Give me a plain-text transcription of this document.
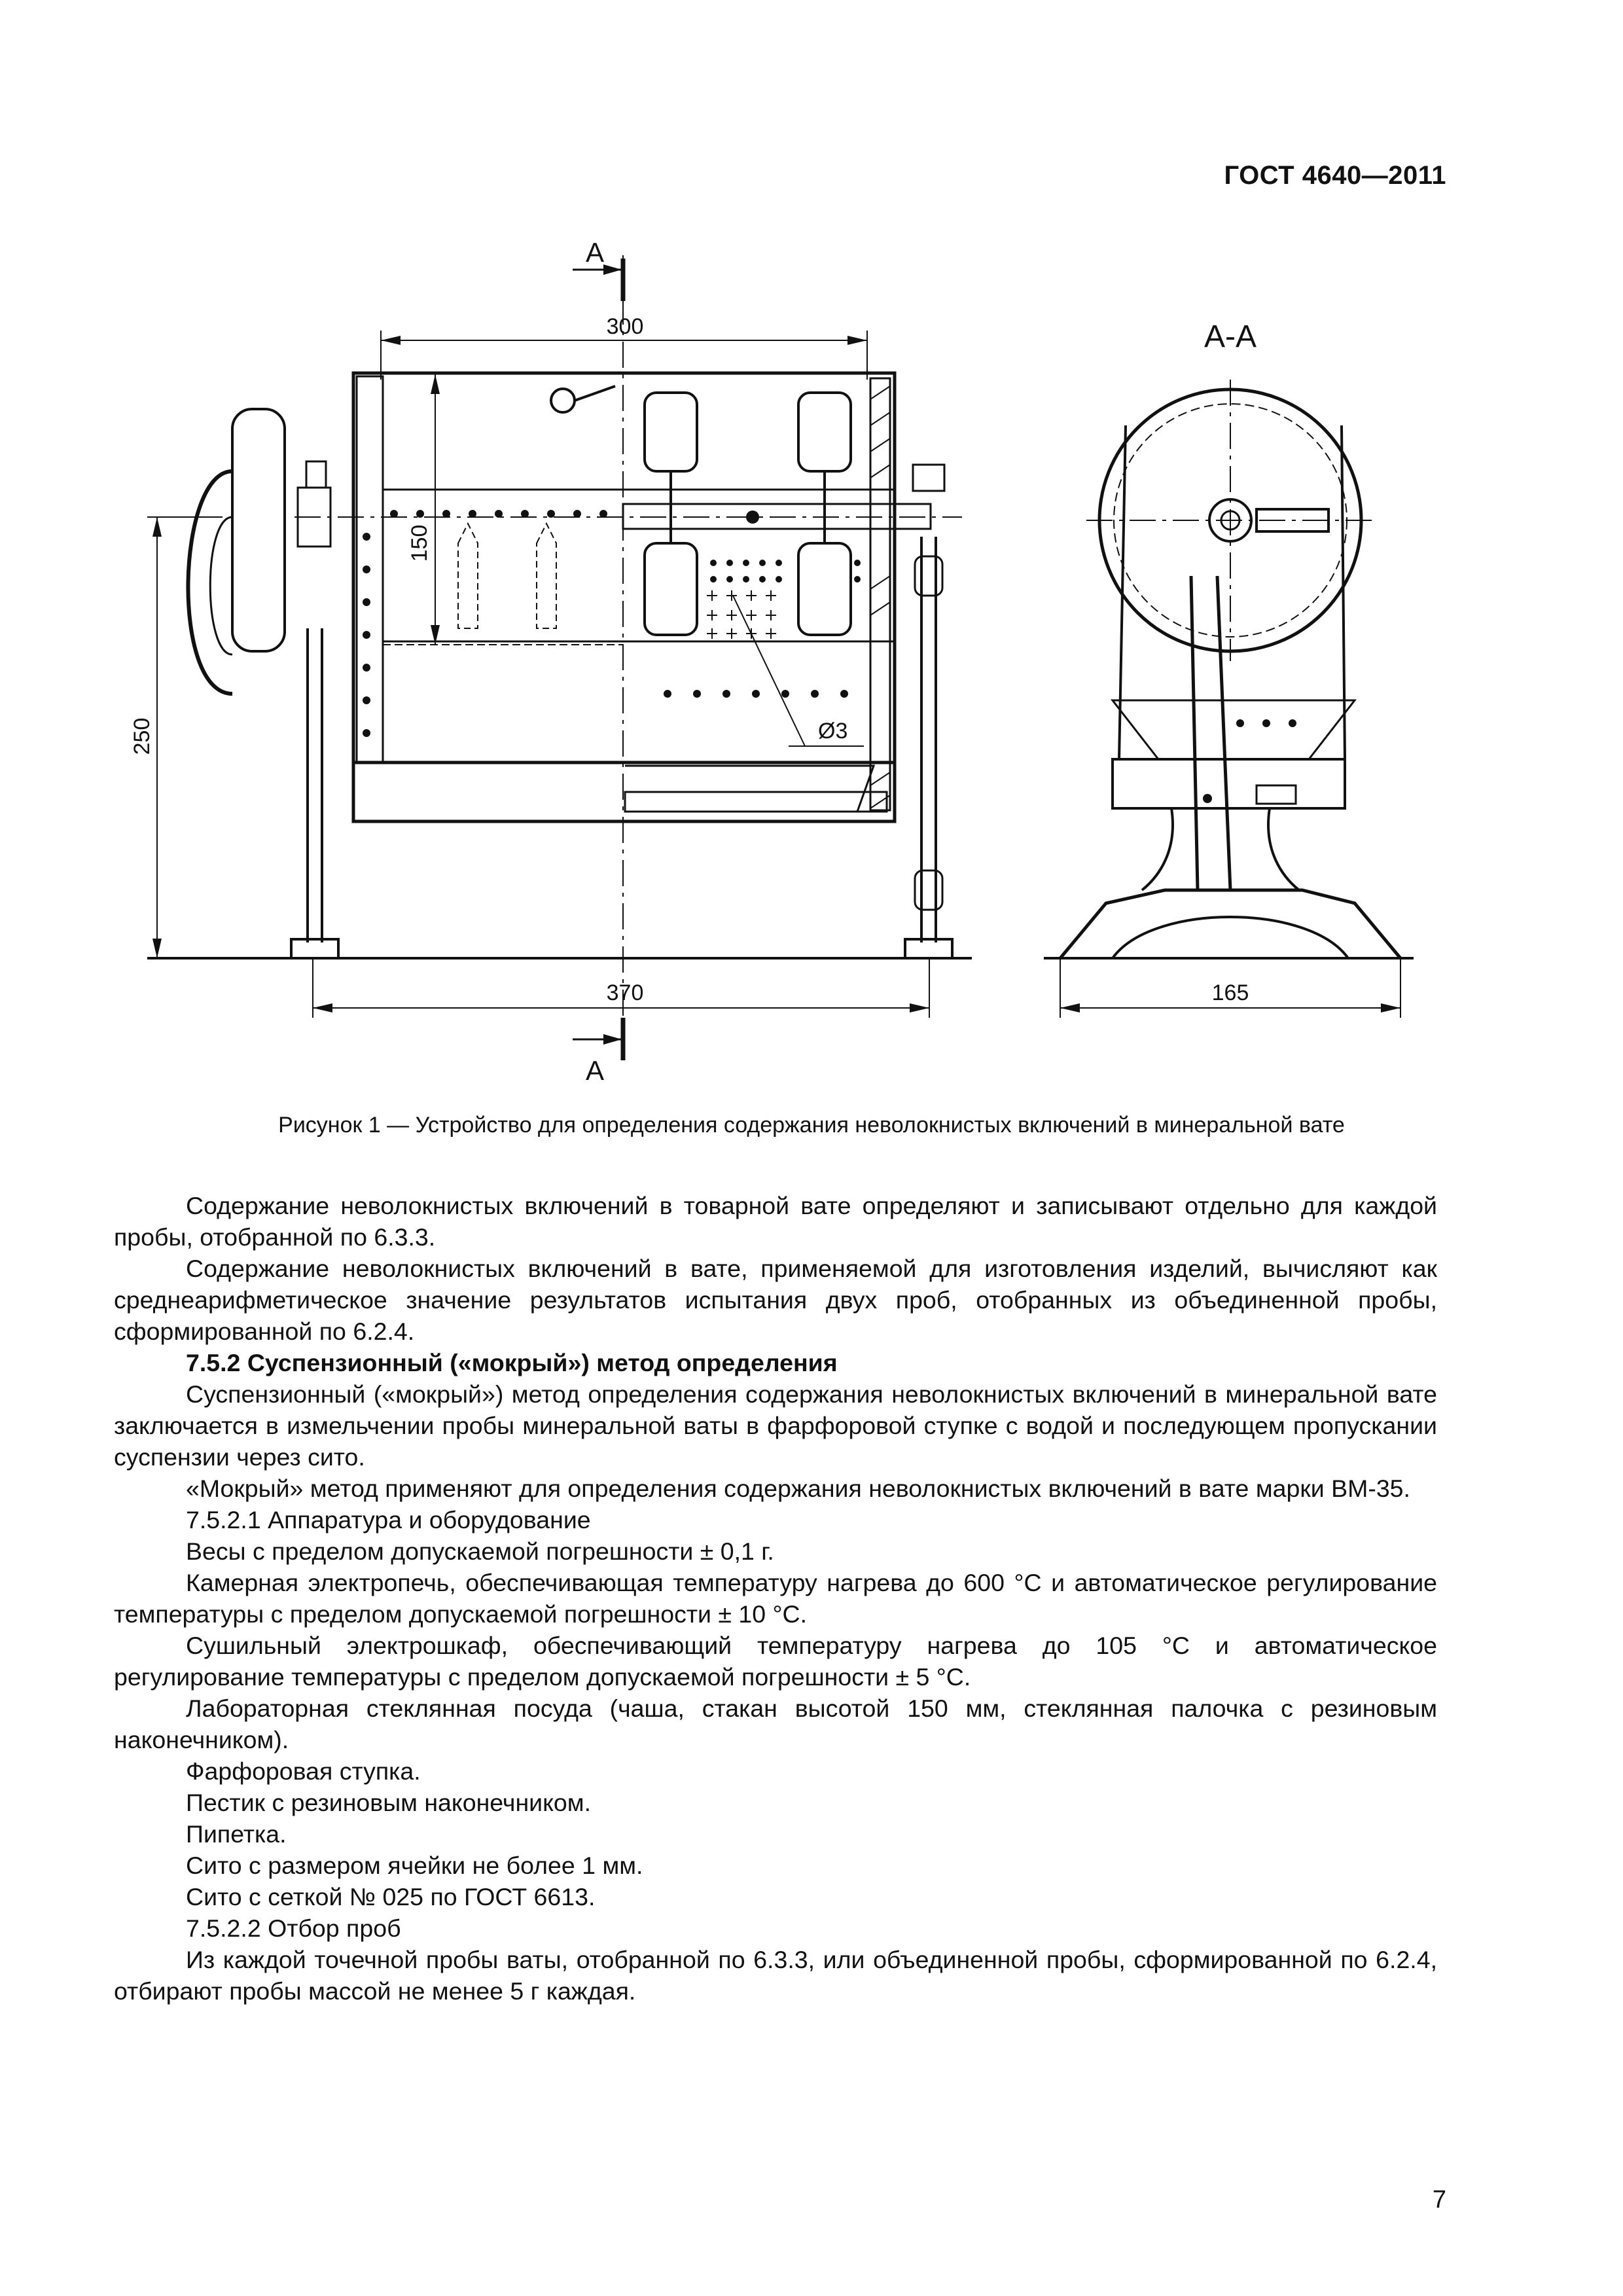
ГОСТ 4640—2011
А
А
А-А
300
150
250
370	165
Ø3
Рисунок 1 — Устройство для определения содержания неволокнистых включений в минеральной вате

Содержание неволокнистых включений в товарной вате определяют и записывают отдельно для каждой пробы, отобранной по 6.3.3.

Содержание неволокнистых включений в вате, применяемой для изготовления изделий, вычисляют как среднеарифметическое значение результатов испытания двух проб, отобранных из объединенной пробы, сформированной по 6.2.4.

7.5.2 Суспензионный («мокрый») метод определения

Суспензионный («мокрый») метод определения содержания неволокнистых включений в минеральной вате заключается в измельчении пробы минеральной ваты в фарфоровой ступке с водой и последующем пропускании суспензии через сито.

«Мокрый» метод применяют для определения содержания неволокнистых включений в вате марки ВМ-35.

7.5.2.1 Аппаратура и оборудование

Весы с пределом допускаемой погрешности ± 0,1 г.

Камерная электропечь, обеспечивающая температуру нагрева до 600 °С и автоматическое регулирование температуры с пределом допускаемой погрешности ± 10 °С.

Сушильный электрошкаф, обеспечивающий температуру нагрева до 105 °С и автоматическое регулирование температуры с пределом допускаемой погрешности ± 5 °С.

Лабораторная стеклянная посуда (чаша, стакан высотой 150 мм, стеклянная палочка с резиновым наконечником).

Фарфоровая ступка.

Пестик с резиновым наконечником.

Пипетка.

Сито с размером ячейки не более 1 мм.

Сито с сеткой № 025 по ГОСТ 6613.

7.5.2.2 Отбор проб

Из каждой точечной пробы ваты, отобранной по 6.3.3, или объединенной пробы, сформированной по 6.2.4, отбирают пробы массой не менее 5 г каждая.

7
